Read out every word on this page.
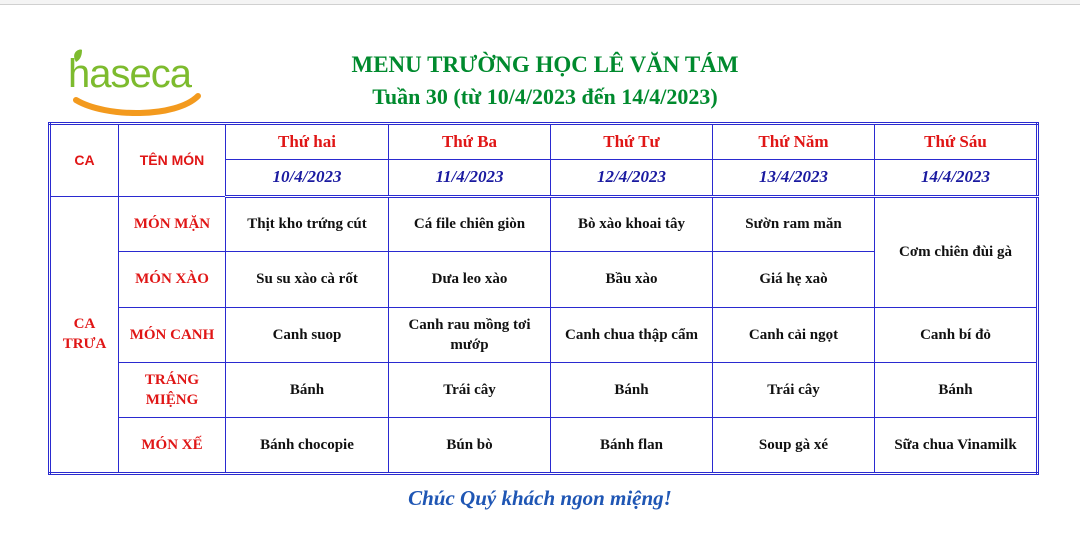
haseca	MENU TRƯỜNG HỌC LÊ VĂN TÁM
Tuần 30 (từ 10/4/2023 đến 14/4/2023)
CA	TÊN MÓN	Thứ hai	Thứ Ba	Thứ Tư	Thứ Năm	Thứ Sáu
		10/4/2023	11/4/2023	12/4/2023	13/4/2023	14/4/2023
CA TRƯA	MÓN MẶN	Thịt kho trứng cút	Cá file chiên giòn	Bò xào khoai tây	Sườn ram măn	Cơm chiên đùi gà
	MÓN XÀO	Su su xào cà rốt	Dưa leo xào	Bầu xào	Giá hẹ xaò	
	MÓN CANH	Canh suop	Canh rau mồng tơi mướp	Canh chua thập cẩm	Canh cải ngọt	Canh bí đỏ
	TRÁNG MIỆNG	Bánh	Trái cây	Bánh	Trái cây	Bánh
	MÓN XẾ	Bánh chocopie	Bún bò	Bánh flan	Soup gà xé	Sữa chua Vinamilk
Chúc Quý khách ngon miệng!
